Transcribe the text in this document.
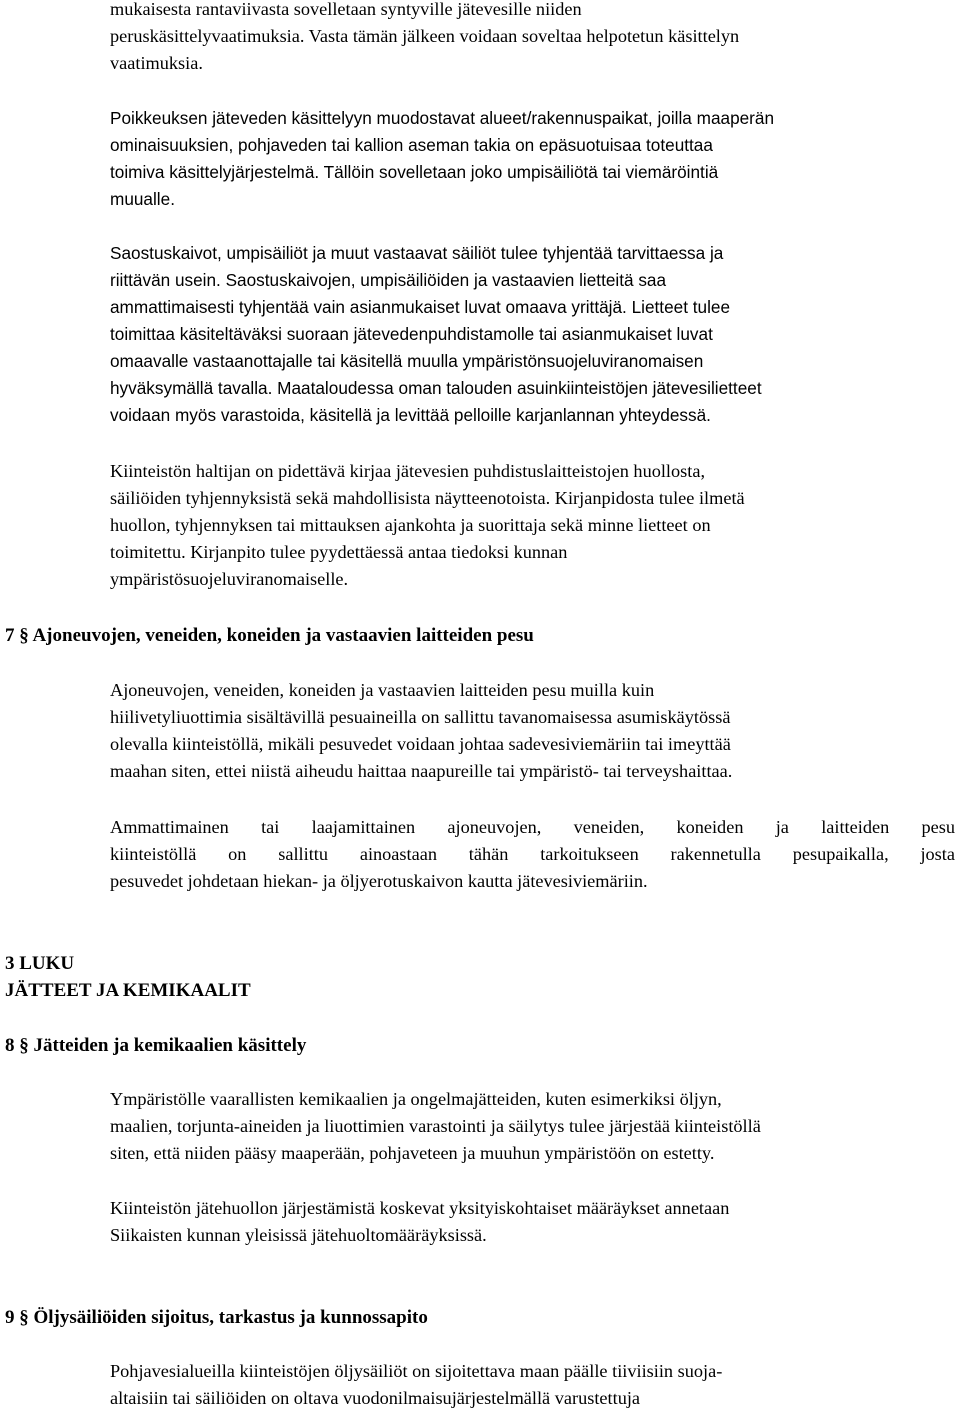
mukaisesta rantaviivasta sovelletaan syntyville jätevesille niiden
peruskäsittelyvaatimuksia. Vasta tämän jälkeen voidaan soveltaa helpotetun käsittelyn
vaatimuksia.
Poikkeuksen jäteveden käsittelyyn muodostavat alueet/rakennuspaikat, joilla maaperän
ominaisuuksien, pohjaveden tai kallion aseman takia on epäsuotuisaa toteuttaa
toimiva käsittelyjärjestelmä. Tällöin sovelletaan joko umpisäiliötä tai viemäröintiä
muualle.
Saostuskaivot, umpisäiliöt ja muut vastaavat säiliöt tulee tyhjentää tarvittaessa ja
riittävän usein. Saostuskaivojen, umpisäiliöiden ja vastaavien lietteitä saa
ammattimaisesti tyhjentää vain asianmukaiset luvat omaava yrittäjä. Lietteet tulee
toimittaa käsiteltäväksi suoraan jätevedenpuhdistamolle tai asianmukaiset luvat
omaavalle vastaanottajalle tai käsitellä muulla ympäristönsuojeluviranomaisen
hyväksymällä tavalla. Maataloudessa oman talouden asuinkiinteistöjen jätevesilietteet
voidaan myös varastoida, käsitellä ja levittää pelloille karjanlannan yhteydessä.
Kiinteistön haltijan on pidettävä kirjaa jätevesien puhdistuslaitteistojen huollosta,
säiliöiden tyhjennyksistä sekä mahdollisista näytteenotoista. Kirjanpidosta tulee ilmetä
huollon, tyhjennyksen tai mittauksen ajankohta ja suorittaja sekä minne lietteet on
toimitettu. Kirjanpito tulee pyydettäessä antaa tiedoksi kunnan
ympäristösuojeluviranomaiselle.
7 § Ajoneuvojen, veneiden, koneiden ja vastaavien laitteiden pesu
Ajoneuvojen, veneiden, koneiden ja vastaavien laitteiden pesu muilla kuin
hiilivetyliuottimia sisältävillä pesuaineilla on sallittu tavanomaisessa asumiskäytössä
olevalla kiinteistöllä, mikäli pesuvedet voidaan johtaa sadevesiviemäriin tai imeyttää
maahan siten, ettei niistä aiheudu haittaa naapureille tai ympäristö- tai terveyshaittaa.
Ammattimainen tai laajamittainen ajoneuvojen, veneiden, koneiden ja laitteiden pesu
kiinteistöllä on sallittu ainoastaan tähän tarkoitukseen rakennetulla pesupaikalla, josta
pesuvedet johdetaan hiekan- ja öljyerotuskaivon kautta jätevesiviemäriin.
3 LUKU
JÄTTEET JA KEMIKAALIT
8 § Jätteiden ja kemikaalien käsittely
Ympäristölle vaarallisten kemikaalien ja ongelmajätteiden, kuten esimerkiksi öljyn,
maalien, torjunta-aineiden ja liuottimien varastointi ja säilytys tulee järjestää kiinteistöllä
siten, että niiden pääsy maaperään, pohjaveteen ja muuhun ympäristöön on estetty.
Kiinteistön jätehuollon järjestämistä koskevat yksityiskohtaiset määräykset annetaan
Siikaisten kunnan yleisissä jätehuoltomääräyksissä.
9 § Öljysäiliöiden sijoitus, tarkastus ja kunnossapito
Pohjavesialueilla kiinteistöjen öljysäiliöt on sijoitettava maan päälle tiiviisiin suoja-
altaisiin tai säiliöiden on oltava vuodonilmaisujärjestelmällä varustettuja
